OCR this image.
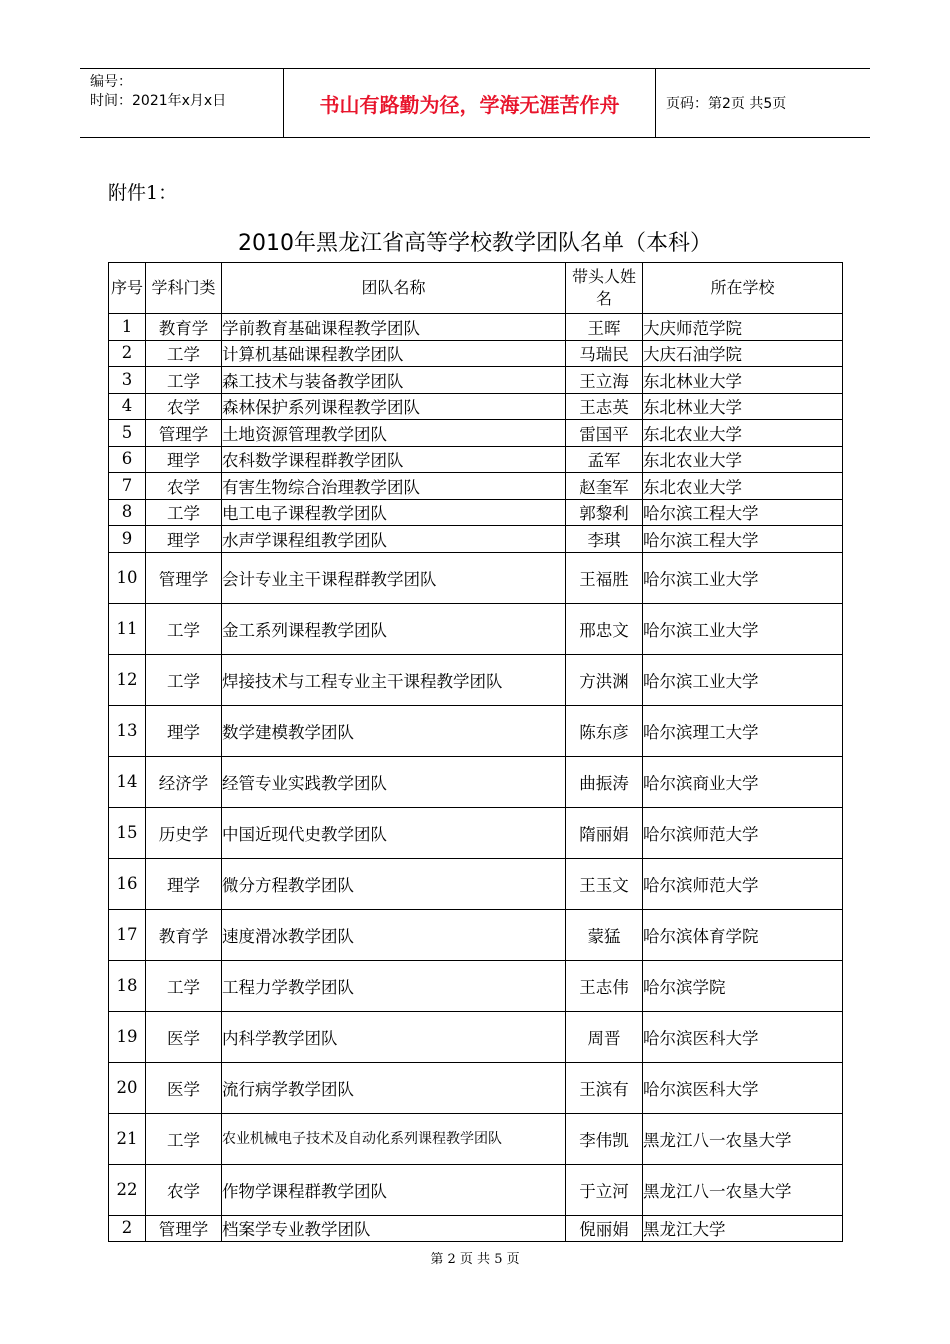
编号：
时间：2021年x月x日	书山有路勤为径，学海无涯苦作舟	页码：第2页 共5页
附件1：
2010年黑龙江省高等学校教学团队名单（本科）
序号	学科门类	团队名称	带头人姓名	所在学校
1	教育学	学前教育基础课程教学团队	王晖	大庆师范学院
2	工学	计算机基础课程教学团队	马瑞民	大庆石油学院
3	工学	森工技术与装备教学团队	王立海	东北林业大学
4	农学	森林保护系列课程教学团队	王志英	东北林业大学
5	管理学	土地资源管理教学团队	雷国平	东北农业大学
6	理学	农科数学课程群教学团队	孟军	东北农业大学
7	农学	有害生物综合治理教学团队	赵奎军	东北农业大学
8	工学	电工电子课程教学团队	郭黎利	哈尔滨工程大学
9	理学	水声学课程组教学团队	李琪	哈尔滨工程大学
10	管理学	会计专业主干课程群教学团队	王福胜	哈尔滨工业大学
11	工学	金工系列课程教学团队	邢忠文	哈尔滨工业大学
12	工学	焊接技术与工程专业主干课程教学团队	方洪渊	哈尔滨工业大学
13	理学	数学建模教学团队	陈东彦	哈尔滨理工大学
14	经济学	经管专业实践教学团队	曲振涛	哈尔滨商业大学
15	历史学	中国近现代史教学团队	隋丽娟	哈尔滨师范大学
16	理学	微分方程教学团队	王玉文	哈尔滨师范大学
17	教育学	速度滑冰教学团队	蒙猛	哈尔滨体育学院
18	工学	工程力学教学团队	王志伟	哈尔滨学院
19	医学	内科学教学团队	周晋	哈尔滨医科大学
20	医学	流行病学教学团队	王滨有	哈尔滨医科大学
21	工学	农业机械电子技术及自动化系列课程教学团队	李伟凯	黑龙江八一农垦大学
22	农学	作物学课程群教学团队	于立河	黑龙江八一农垦大学
2	管理学	档案学专业教学团队	倪丽娟	黑龙江大学
第 2 页 共 5 页
